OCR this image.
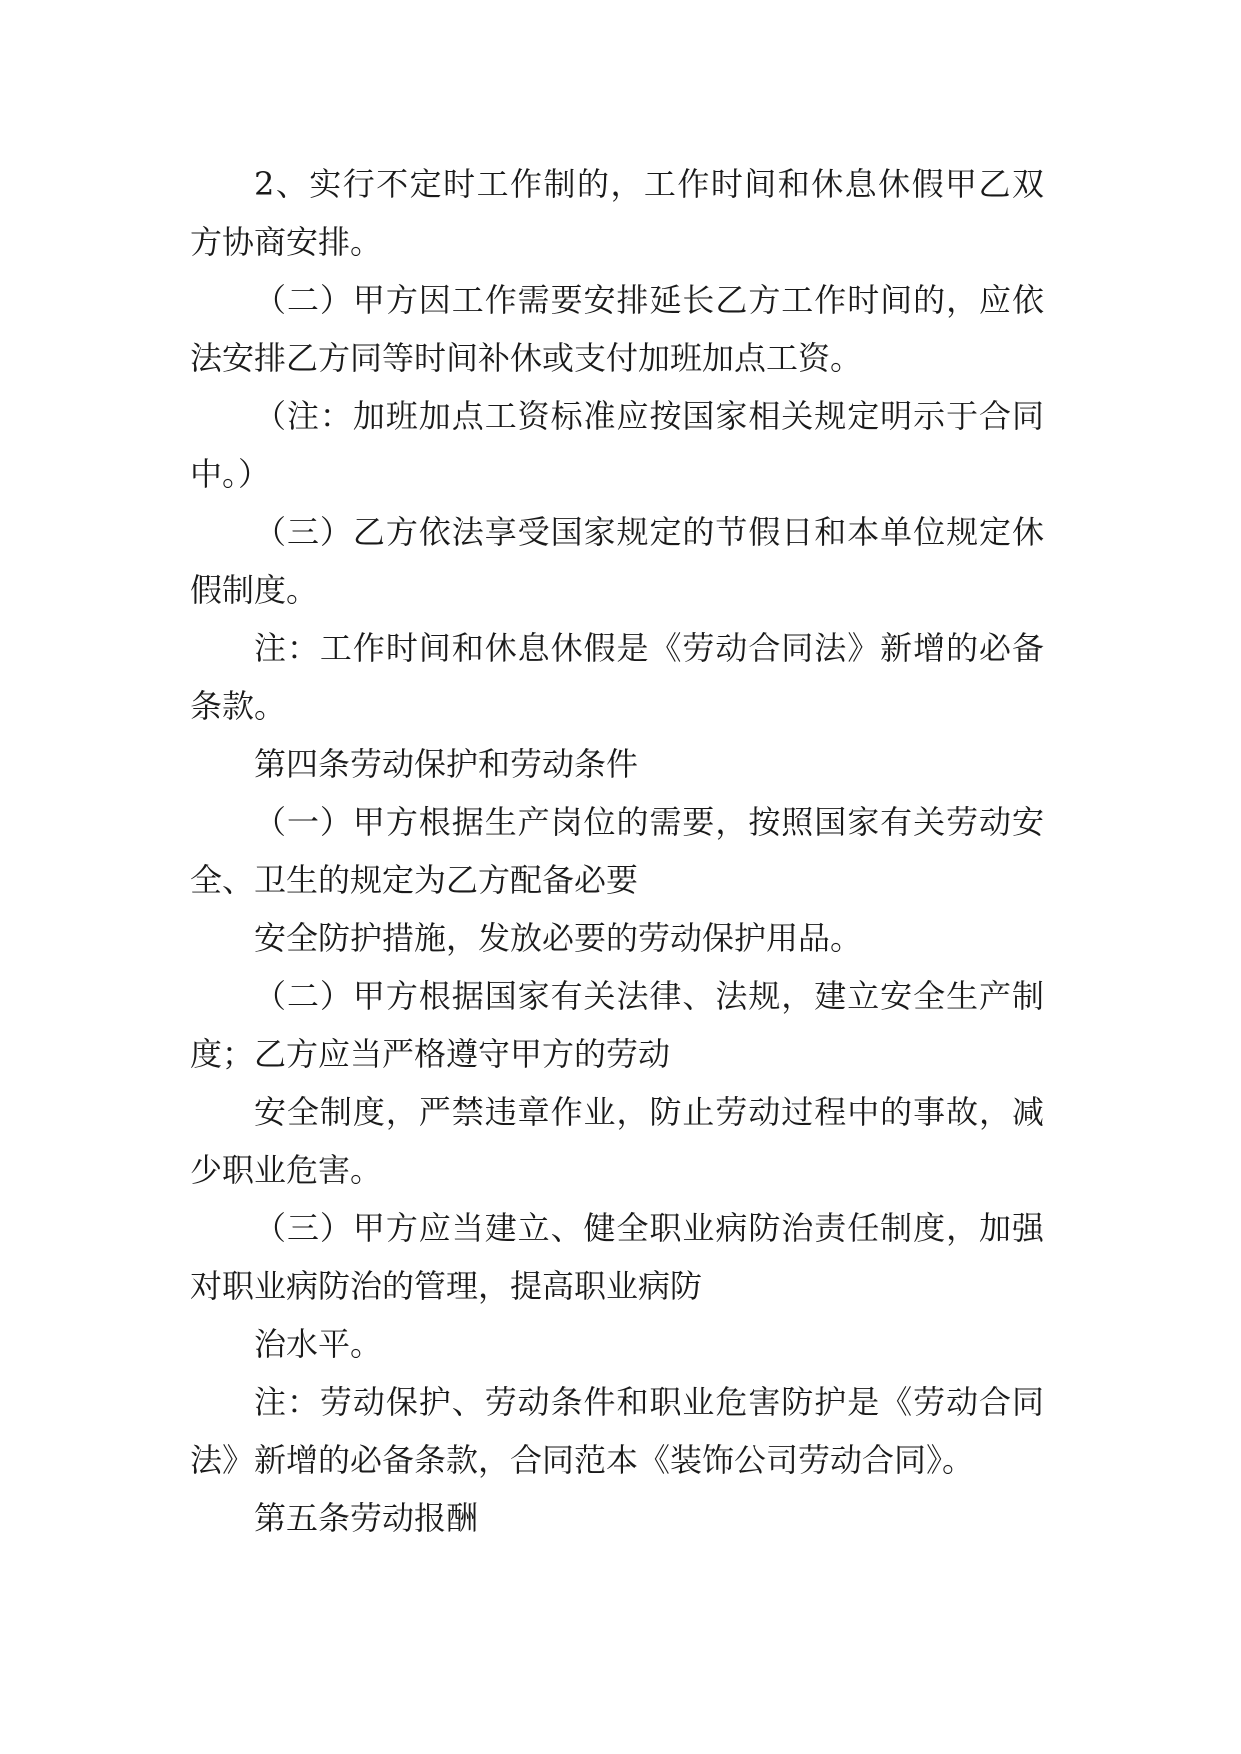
2、实行不定时工作制的，工作时间和休息休假甲乙双
方协商安排。
（二）甲方因工作需要安排延长乙方工作时间的，应依
法安排乙方同等时间补休或支付加班加点工资。
（注：加班加点工资标准应按国家相关规定明示于合同
中。）
（三）乙方依法享受国家规定的节假日和本单位规定休
假制度。
注：工作时间和休息休假是《劳动合同法》新增的必备
条款。
第四条劳动保护和劳动条件
（一）甲方根据生产岗位的需要，按照国家有关劳动安
全、卫生的规定为乙方配备必要
安全防护措施，发放必要的劳动保护用品。
（二）甲方根据国家有关法律、法规，建立安全生产制
度；乙方应当严格遵守甲方的劳动
安全制度，严禁违章作业，防止劳动过程中的事故，减
少职业危害。
（三）甲方应当建立、健全职业病防治责任制度，加强
对职业病防治的管理，提高职业病防
治水平。
注：劳动保护、劳动条件和职业危害防护是《劳动合同
法》新增的必备条款，合同范本《装饰公司劳动合同》。
第五条劳动报酬
